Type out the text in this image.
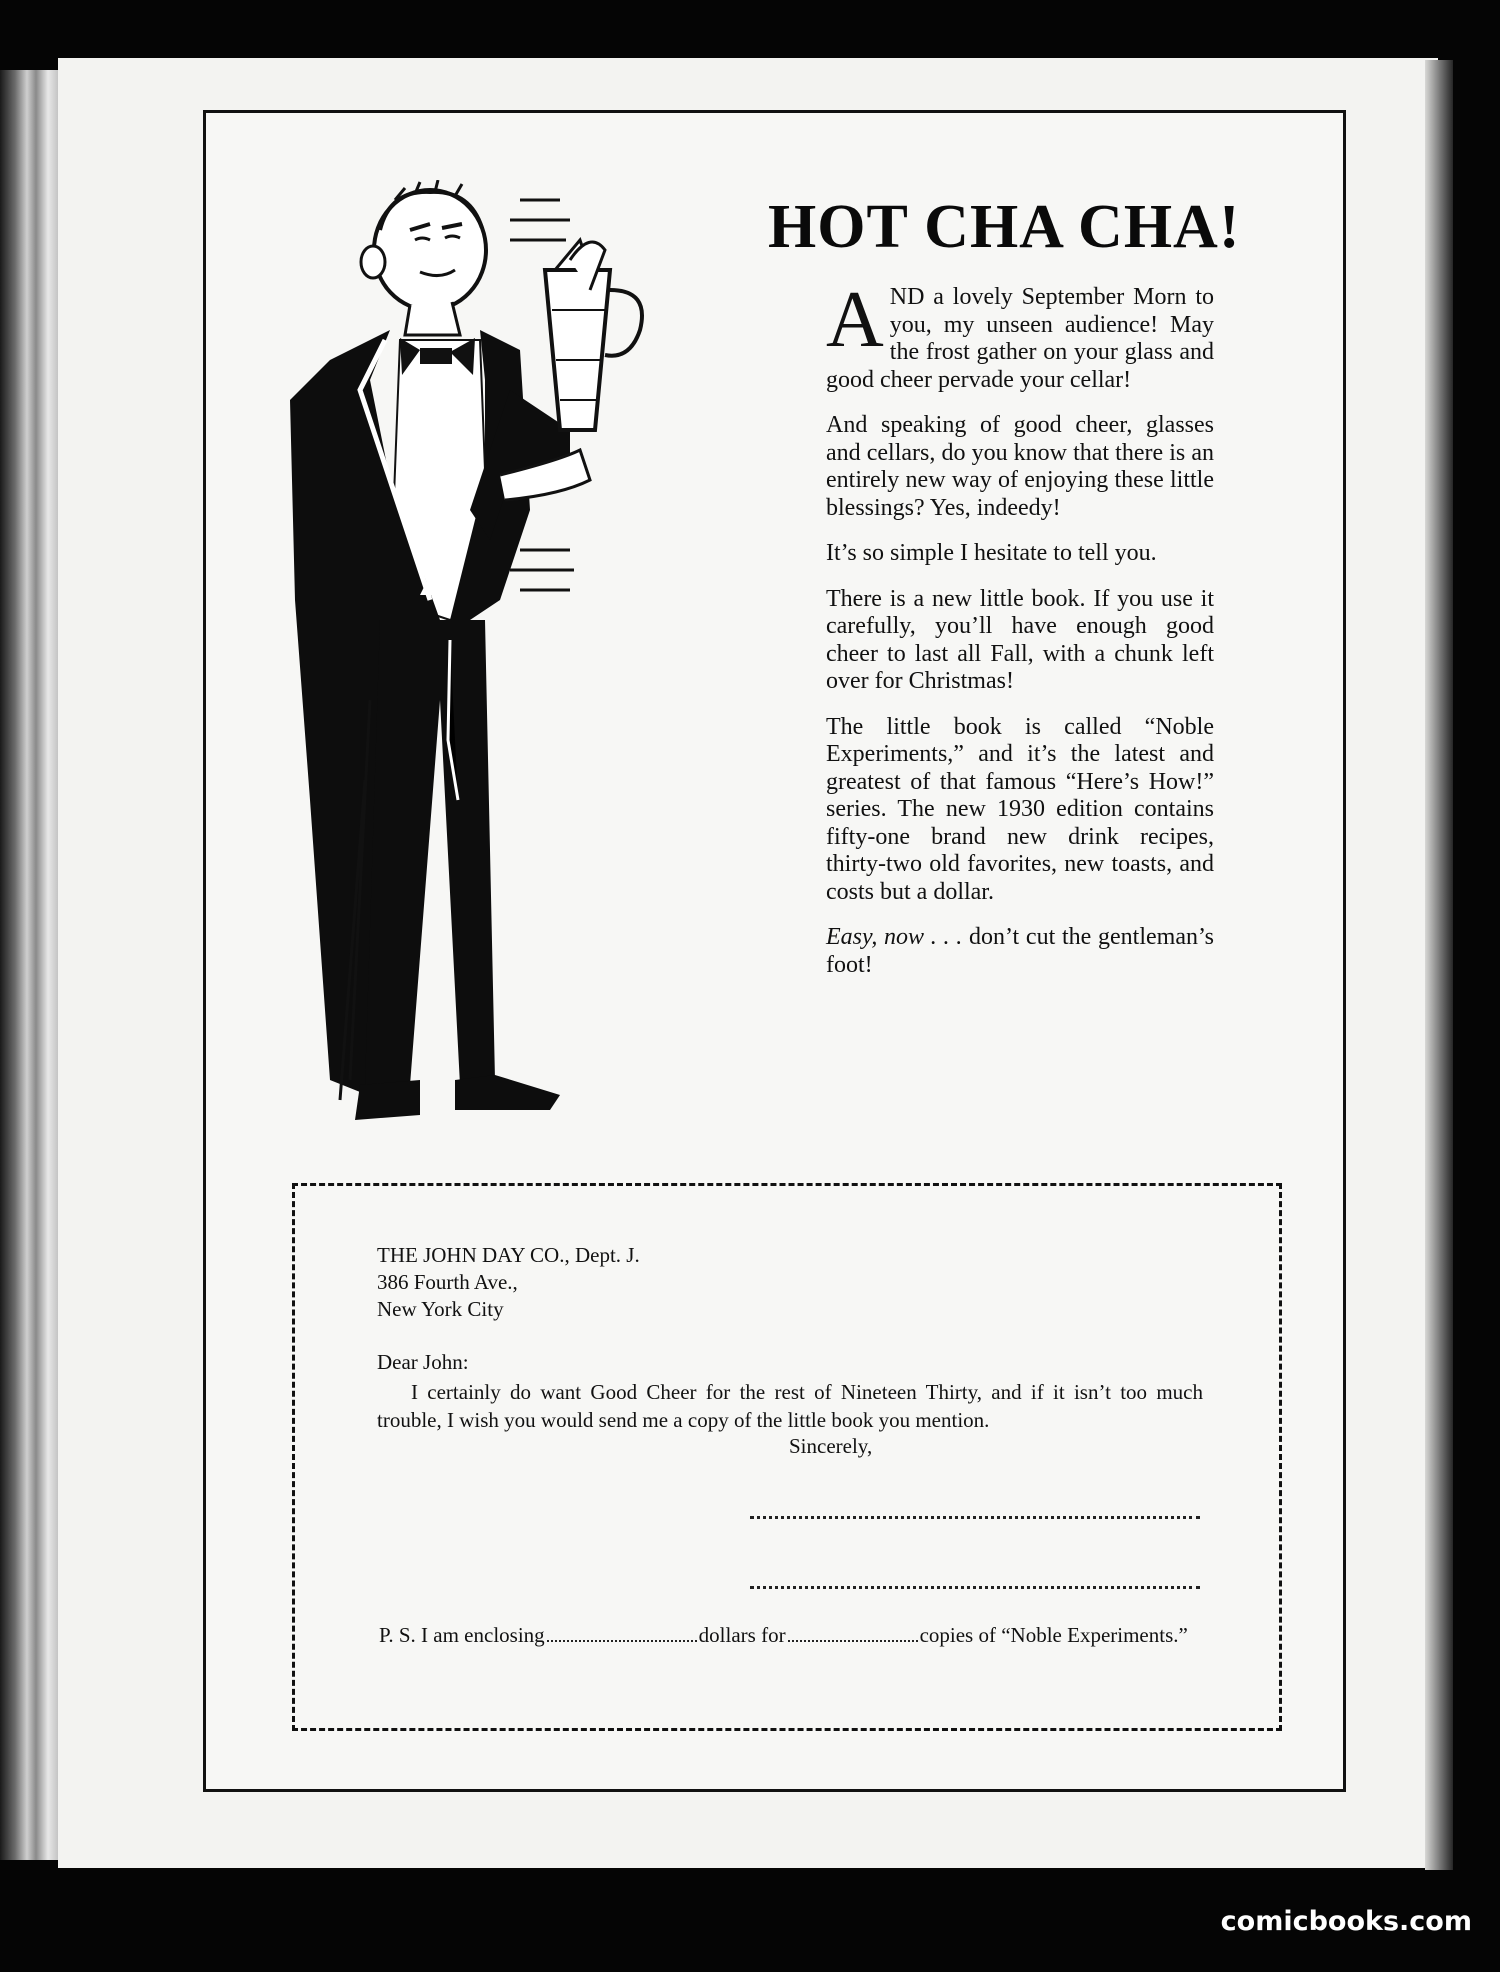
HOT CHA CHA!

AND a lovely September Morn to you, my unseen audience! May the frost gather on your glass and good cheer pervade your cellar!

And speaking of good cheer, glasses and cellars, do you know that there is an entirely new way of enjoying these little blessings? Yes, indeedy!

It’s so simple I hesitate to tell you.

There is a new little book. If you use it carefully, you’ll have enough good cheer to last all Fall, with a chunk left over for Christmas!

The little book is called “Noble Experiments,” and it’s the latest and greatest of that famous “Here’s How!” series. The new 1930 edition contains fifty-one brand new drink recipes, thirty-two old favorites, new toasts, and costs but a dollar.

Easy, now . . . don’t cut the gentleman’s foot!

THE JOHN DAY CO., Dept. J.
386 Fourth Ave.,
New York City
Dear John:
I certainly do want Good Cheer for the rest of Nineteen Thirty, and if it isn’t too much trouble, I wish you would send me a copy of the little book you mention.
Sincerely,
P. S. I am enclosing	dollars for	copies of “Noble Experiments.”
comicbooks.com
